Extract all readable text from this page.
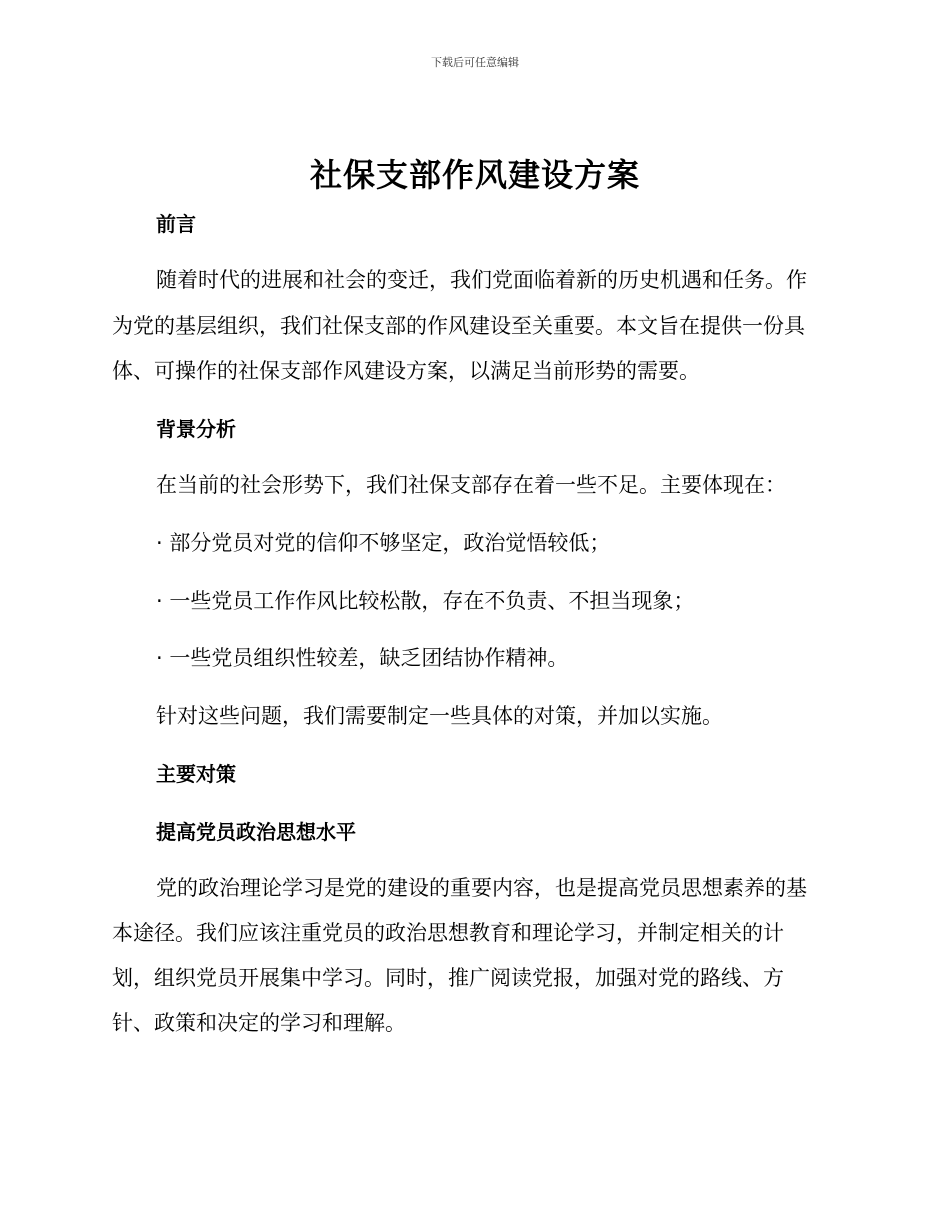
下载后可任意编辑
社保支部作风建设方案
前言
随着时代的进展和社会的变迁，我们党面临着新的历史机遇和任务。作
为党的基层组织，我们社保支部的作风建设至关重要。本文旨在提供一份具
体、可操作的社保支部作风建设方案，以满足当前形势的需要。
背景分析
在当前的社会形势下，我们社保支部存在着一些不足。主要体现在：
· 部分党员对党的信仰不够坚定，政治觉悟较低；
· 一些党员工作作风比较松散，存在不负责、不担当现象；
· 一些党员组织性较差，缺乏团结协作精神。
针对这些问题，我们需要制定一些具体的对策，并加以实施。
主要对策
提高党员政治思想水平
党的政治理论学习是党的建设的重要内容，也是提高党员思想素养的基
本途径。我们应该注重党员的政治思想教育和理论学习，并制定相关的计
划，组织党员开展集中学习。同时，推广阅读党报，加强对党的路线、方
针、政策和决定的学习和理解。
